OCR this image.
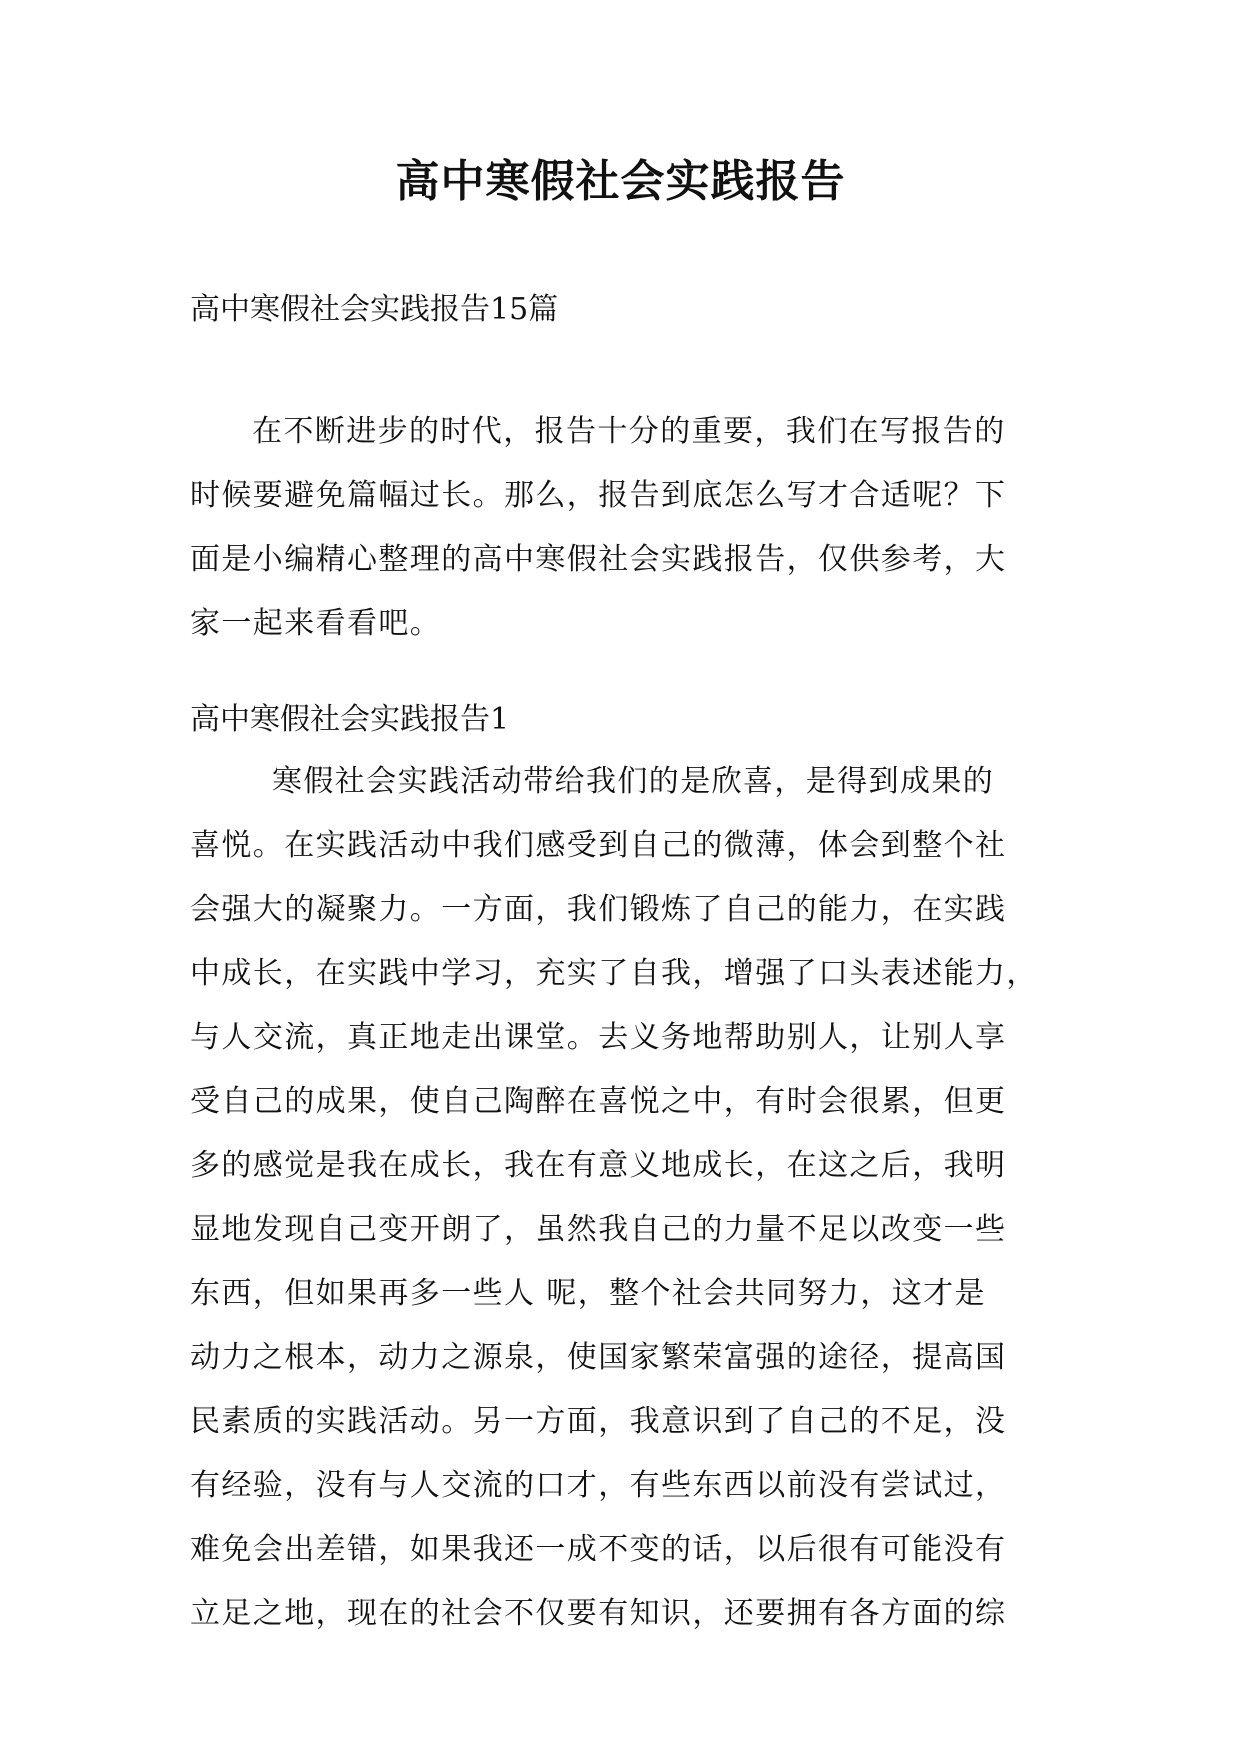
高中寒假社会实践报告

高中寒假社会实践报告15篇

在不断进步的时代，报告十分的重要，我们在写报告的
时候要避免篇幅过长。那么，报告到底怎么写才合适呢？下
面是小编精心整理的高中寒假社会实践报告，仅供参考，大
家一起来看看吧。

高中寒假社会实践报告1

寒假社会实践活动带给我们的是欣喜，是得到成果的
喜悦。在实践活动中我们感受到自己的微薄，体会到整个社
会强大的凝聚力。一方面，我们锻炼了自己的能力，在实践
中成长，在实践中学习，充实了自我，增强了口头表述能力，
与人交流，真正地走出课堂。去义务地帮助别人，让别人享
受自己的成果，使自己陶醉在喜悦之中，有时会很累，但更
多的感觉是我在成长，我在有意义地成长，在这之后，我明
显地发现自己变开朗了，虽然我自己的力量不足以改变一些
东西，但如果再多一些人 呢，整个社会共同努力，这才是
动力之根本，动力之源泉，使国家繁荣富强的途径，提高国
民素质的实践活动。另一方面，我意识到了自己的不足，没
有经验，没有与人交流的口才，有些东西以前没有尝试过，
难免会出差错，如果我还一成不变的话，以后很有可能没有
立足之地，现在的社会不仅要有知识，还要拥有各方面的综
